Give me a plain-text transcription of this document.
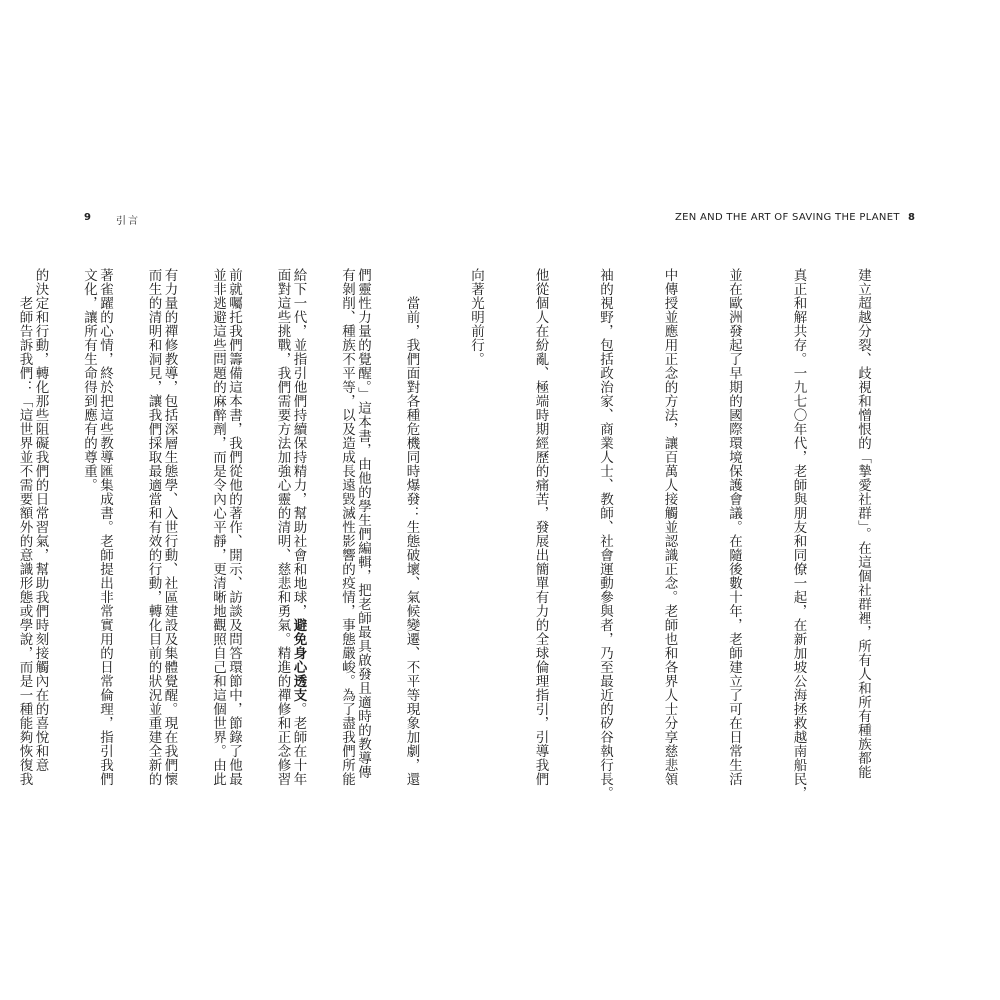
9	引言

們靈性力量的覺醒。」這本書，由他的學生們編輯，把老師最具啟發且適時的教導傳

給下一代，並指引他們持續保持精力，幫助社會和地球，避免身心透支。老師在十年

前就囑托我們籌備這本書，我們從他的著作、開示、訪談及問答環節中，節錄了他最

有力量的禪修教導，包括深層生態學、入世行動、社區建設及集體覺醒。現在我們懷

著雀躍的心情，終於把這些教導匯集成書。老師提出非常實用的日常倫理，指引我們

的決定和行動，轉化那些阻礙我們的日常習氣，幫助我們時刻接觸內在的喜悅和意

ZEN AND THE ART OF SAVING THE PLANET 8

建立超越分裂、歧視和憎恨的「摯愛社群」。在這個社群裡，所有人和所有種族都能

真正和解共存。一九七〇年代，老師與朋友和同僚一起，在新加坡公海拯救越南船民，

並在歐洲發起了早期的國際環境保護會議。在隨後數十年，老師建立了可在日常生活

中傳授並應用正念的方法，讓百萬人接觸並認識正念。老師也和各界人士分享慈悲領

袖的視野，包括政治家、商業人士、教師、社會運動參與者，乃至最近的矽谷執行長。

他從個人在紛亂、極端時期經歷的痛苦，發展出簡單有力的全球倫理指引，引導我們

向著光明前行。

　　當前，我們面對各種危機同時爆發：生態破壞、氣候變遷、不平等現象加劇，還

有剝削、種族不平等，以及造成長遠毀滅性影響的疫情，事態嚴峻。為了盡我們所能

面對這些挑戰，我們需要方法加強心靈的清明、慈悲和勇氣。精進的禪修和正念修習

並非逃避這些問題的麻醉劑，而是令內心平靜，更清晰地觀照自己和這個世界。由此

而生的清明和洞見，讓我們採取最適當和有效的行動，轉化目前的狀況並重建全新的

文化，讓所有生命得到應有的尊重。

　　老師告訴我們：「這世界並不需要額外的意識形態或學說，而是一種能夠恢復我
